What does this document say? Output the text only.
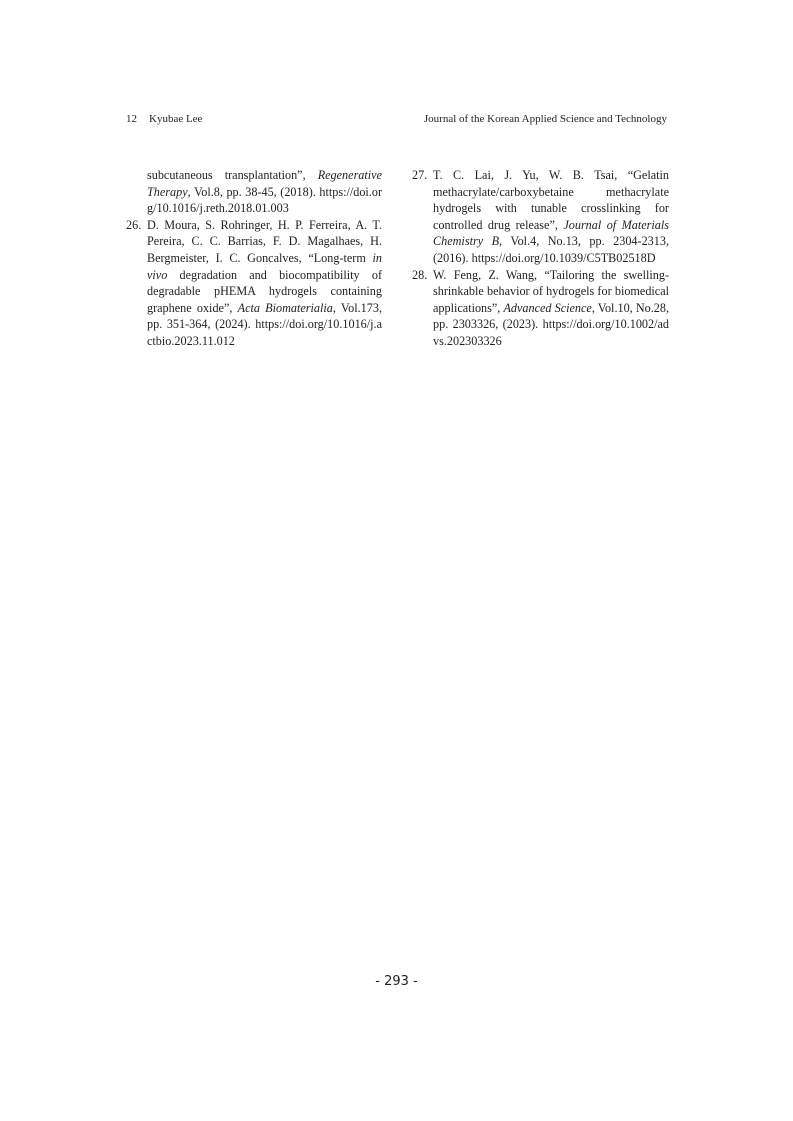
12 Kyubae Lee	Journal of the Korean Applied Science and Technology

subcutaneous transplantation”, Regenerative Therapy, Vol.8, pp. 38-45, (2018). https://doi.org/10.1016/j.reth.2018.01.003

26. D. Moura, S. Rohringer, H. P. Ferreira, A. T. Pereira, C. C. Barrias, F. D. Magalhaes, H. Bergmeister, I. C. Goncalves, “Long-term in vivo degradation and biocompatibility of degradable pHEMA hydrogels containing graphene oxide”, Acta Biomaterialia, Vol.173, pp. 351-364, (2024). https://doi.org/10.1016/j.actbio.2023.11.012

27. T. C. Lai, J. Yu, W. B. Tsai, “Gelatin methacrylate/carboxybetaine methacrylate hydrogels with tunable crosslinking for controlled drug release”, Journal of Materials Chemistry B, Vol.4, No.13, pp. 2304-2313, (2016). https://doi.org/10.1039/C5TB02518D

28. W. Feng, Z. Wang, “Tailoring the swelling-shrinkable behavior of hydrogels for biomedical applications”, Advanced Science, Vol.10, No.28, pp. 2303326, (2023). https://doi.org/10.1002/advs.202303326

- 293 -
